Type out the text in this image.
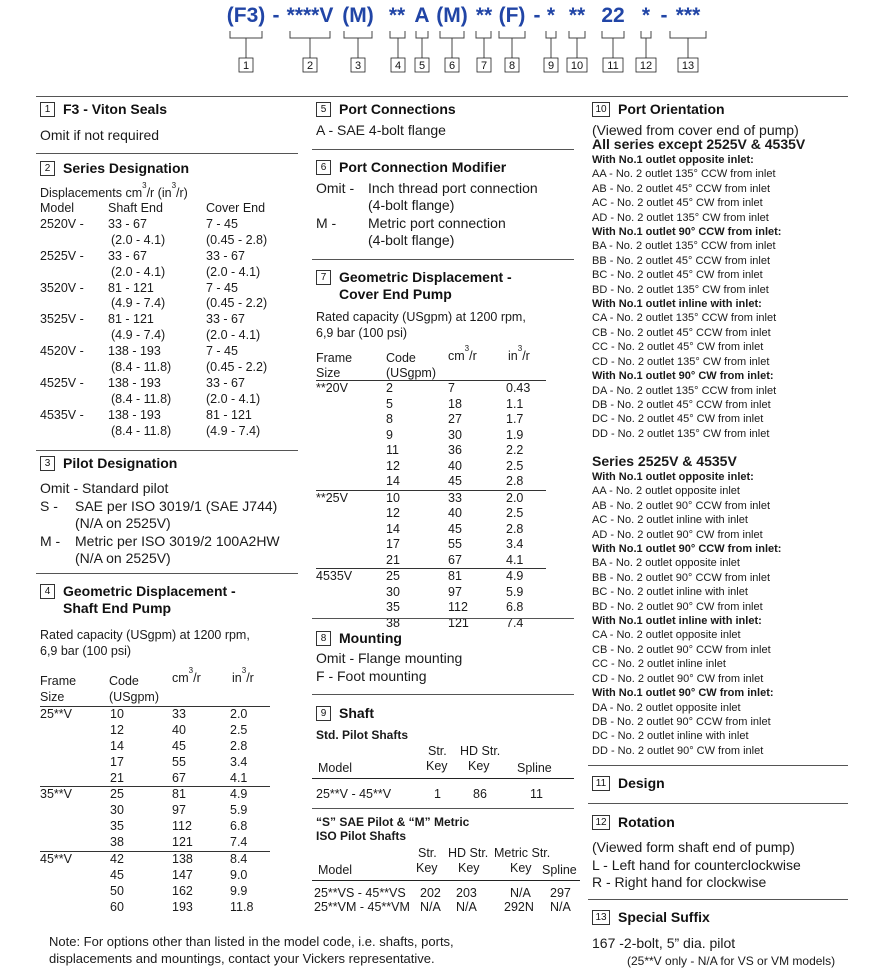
(F3) - ****V (M) ** A (M) ** (F) - * ** 22 * - ***
1	2	3	4 5 6 7 8	9 10 11 12	13
1 F3 - Viton Seals
Omit if not required
2 Series Designation
Displacements $cm^3/r$ $(in^3/r)$
Model	Shaft End	Cover End
2520V -	33 - 67	7 - 45
	(2.0 - 4.1)	(0.45 - 2.8)
2525V -	33 - 67	33 - 67
	(2.0 - 4.1)	(2.0 - 4.1)
3520V -	81 - 121	7 - 45
	(4.9 - 7.4)	(0.45 - 2.2)
3525V -	81 - 121	33 - 67
	(4.9 - 7.4)	(2.0 - 4.1)
4520V -	138 - 193	7 - 45
	(8.4 - 11.8)	(0.45 - 2.2)
4525V -	138 - 193	33 - 67
	(8.4 - 11.8)	(2.0 - 4.1)
4535V -	138 - 193	81 - 121
	(8.4 - 11.8)	(4.9 - 7.4)
3 Pilot Designation
Omit - Standard pilot
S - SAE per ISO 3019/1 (SAE J744)
(N/A on 2525V)
M - Metric per ISO 3019/2 100A2HW
(N/A on 2525V)
4 Geometric Displacement -
Shaft End Pump
Rated capacity (USgpm) at 1200 rpm,
6,9 bar (100 psi)
Frame
Size
Code
(USgpm)
$cm^3/r$ $in^3/r$
25**V	10	33	2.0
12	40	2.5
14	45	2.8
17	55	3.4
21	67	4.1
35**V	25	81	4.9
30	97	5.9
35	112	6.8
38	121	7.4
45**V	42	138	8.4
45	147	9.0
50	162	9.9
60	193	11.8
5 Port Connections
A - SAE 4-bolt flange
6 Port Connection Modifier
Omit - Inch thread port connection
(4-bolt flange)
M - Metric port connection
(4-bolt flange)
7 Geometric Displacement -
Cover End Pump
Rated capacity (USgpm) at 1200 rpm,
6,9 bar (100 psi)
Frame
Size
Code
(USgpm)
$cm^3/r$ $in^3/r$
**20V	2	7	0.43
5	18	1.1
8	27	1.7
9	30	1.9
11	36	2.2
12	40	2.5
14	45	2.8
**25V	10	33	2.0
12	40	2.5
14	45	2.8
17	55	3.4
21	67	4.1
4535V	25	81	4.9
30	97	5.9
35	112	6.8
38	121	7.4
8 Mounting
Omit - Flange mounting
F - Foot mounting
9 Shaft
Std. Pilot Shafts
Str. HD Str.
Model	Key Key Spline
25**V - 45**V	1	86	11
“S” SAE Pilot & “M” Metric
ISO Pilot Shafts
Str. HD Str. Metric Str.
Model	Key Key Key Spline
25**VS - 45**VS 202 203	N/A 297
25**VM - 45**VM N/A N/A 292N N/A
10 Port Orientation
(Viewed from cover end of pump)
All series except 2525V & 4535V
With No.1 outlet opposite inlet:
AA - No. 2 outlet 135° CCW from inlet
AB - No. 2 outlet 45° CCW from inlet
AC - No. 2 outlet 45° CW from inlet
AD - No. 2 outlet 135° CW from inlet
With No.1 outlet 90° CCW from inlet:
BA - No. 2 outlet 135° CCW from inlet
BB - No. 2 outlet 45° CCW from inlet
BC - No. 2 outlet 45° CW from inlet
BD - No. 2 outlet 135° CW from inlet
With No.1 outlet inline with inlet:
CA - No. 2 outlet 135° CCW from inlet
CB - No. 2 outlet 45° CCW from inlet
CC - No. 2 outlet 45° CW from inlet
CD - No. 2 outlet 135° CW from inlet
With No.1 outlet 90° CW from inlet:
DA - No. 2 outlet 135° CCW from inlet
DB - No. 2 outlet 45° CCW from inlet
DC - No. 2 outlet 45° CW from inlet
DD - No. 2 outlet 135° CW from inlet
Series 2525V & 4535V
With No.1 outlet opposite inlet:
AA - No. 2 outlet opposite inlet
AB - No. 2 outlet 90° CCW from inlet
AC - No. 2 outlet inline with inlet
AD - No. 2 outlet 90° CW from inlet
With No.1 outlet 90° CCW from inlet:
BA - No. 2 outlet opposite inlet
BB - No. 2 outlet 90° CCW from inlet
BC - No. 2 outlet inline with inlet
BD - No. 2 outlet 90° CW from inlet
With No.1 outlet inline with inlet:
CA - No. 2 outlet opposite inlet
CB - No. 2 outlet 90° CCW from inlet
CC - No. 2 outlet inline inlet
CD - No. 2 outlet 90° CW from inlet
With No.1 outlet 90° CW from inlet:
DA - No. 2 outlet opposite inlet
DB - No. 2 outlet 90° CCW from inlet
DC - No. 2 outlet inline with inlet
DD - No. 2 outlet 90° CW from inlet
11 Design
12 Rotation
(Viewed form shaft end of pump)
L - Left hand for counterclockwise
R - Right hand for clockwise
13 Special Suffix
167 -2-bolt, 5” dia. pilot
(25**V only - N/A for VS or VM models)
Note: For options other than listed in the model code, i.e. shafts, ports,
displacements and mountings, contact your Vickers representative.
